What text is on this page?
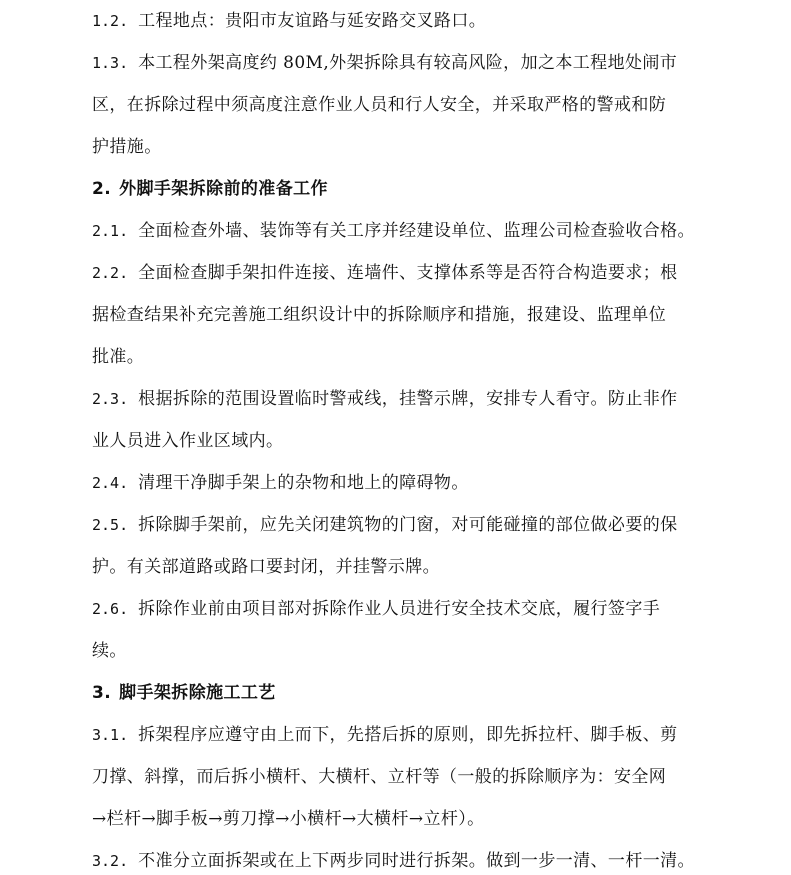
1.2. 工程地点：贵阳市友谊路与延安路交叉路口。
1.3. 本工程外架高度约 80M,外架拆除具有较高风险，加之本工程地处闹市
区，在拆除过程中须高度注意作业人员和行人安全，并采取严格的警戒和防
护措施。
2. 外脚手架拆除前的准备工作
2.1. 全面检查外墙、装饰等有关工序并经建设单位、监理公司检查验收合格。
2.2. 全面检查脚手架扣件连接、连墙件、支撑体系等是否符合构造要求；根
据检查结果补充完善施工组织设计中的拆除顺序和措施，报建设、监理单位
批准。
2.3. 根据拆除的范围设置临时警戒线，挂警示牌，安排专人看守。防止非作
业人员进入作业区域内。
2.4. 清理干净脚手架上的杂物和地上的障碍物。
2.5. 拆除脚手架前，应先关闭建筑物的门窗，对可能碰撞的部位做必要的保
护。有关部道路或路口要封闭，并挂警示牌。
2.6. 拆除作业前由项目部对拆除作业人员进行安全技术交底，履行签字手
续。
3. 脚手架拆除施工工艺
3.1. 拆架程序应遵守由上而下，先搭后拆的原则，即先拆拉杆、脚手板、剪
刀撑、斜撑，而后拆小横杆、大横杆、立杆等（一般的拆除顺序为：安全网
→栏杆→脚手板→剪刀撑→小横杆→大横杆→立杆）。
3.2. 不准分立面拆架或在上下两步同时进行拆架。做到一步一清、一杆一清。
